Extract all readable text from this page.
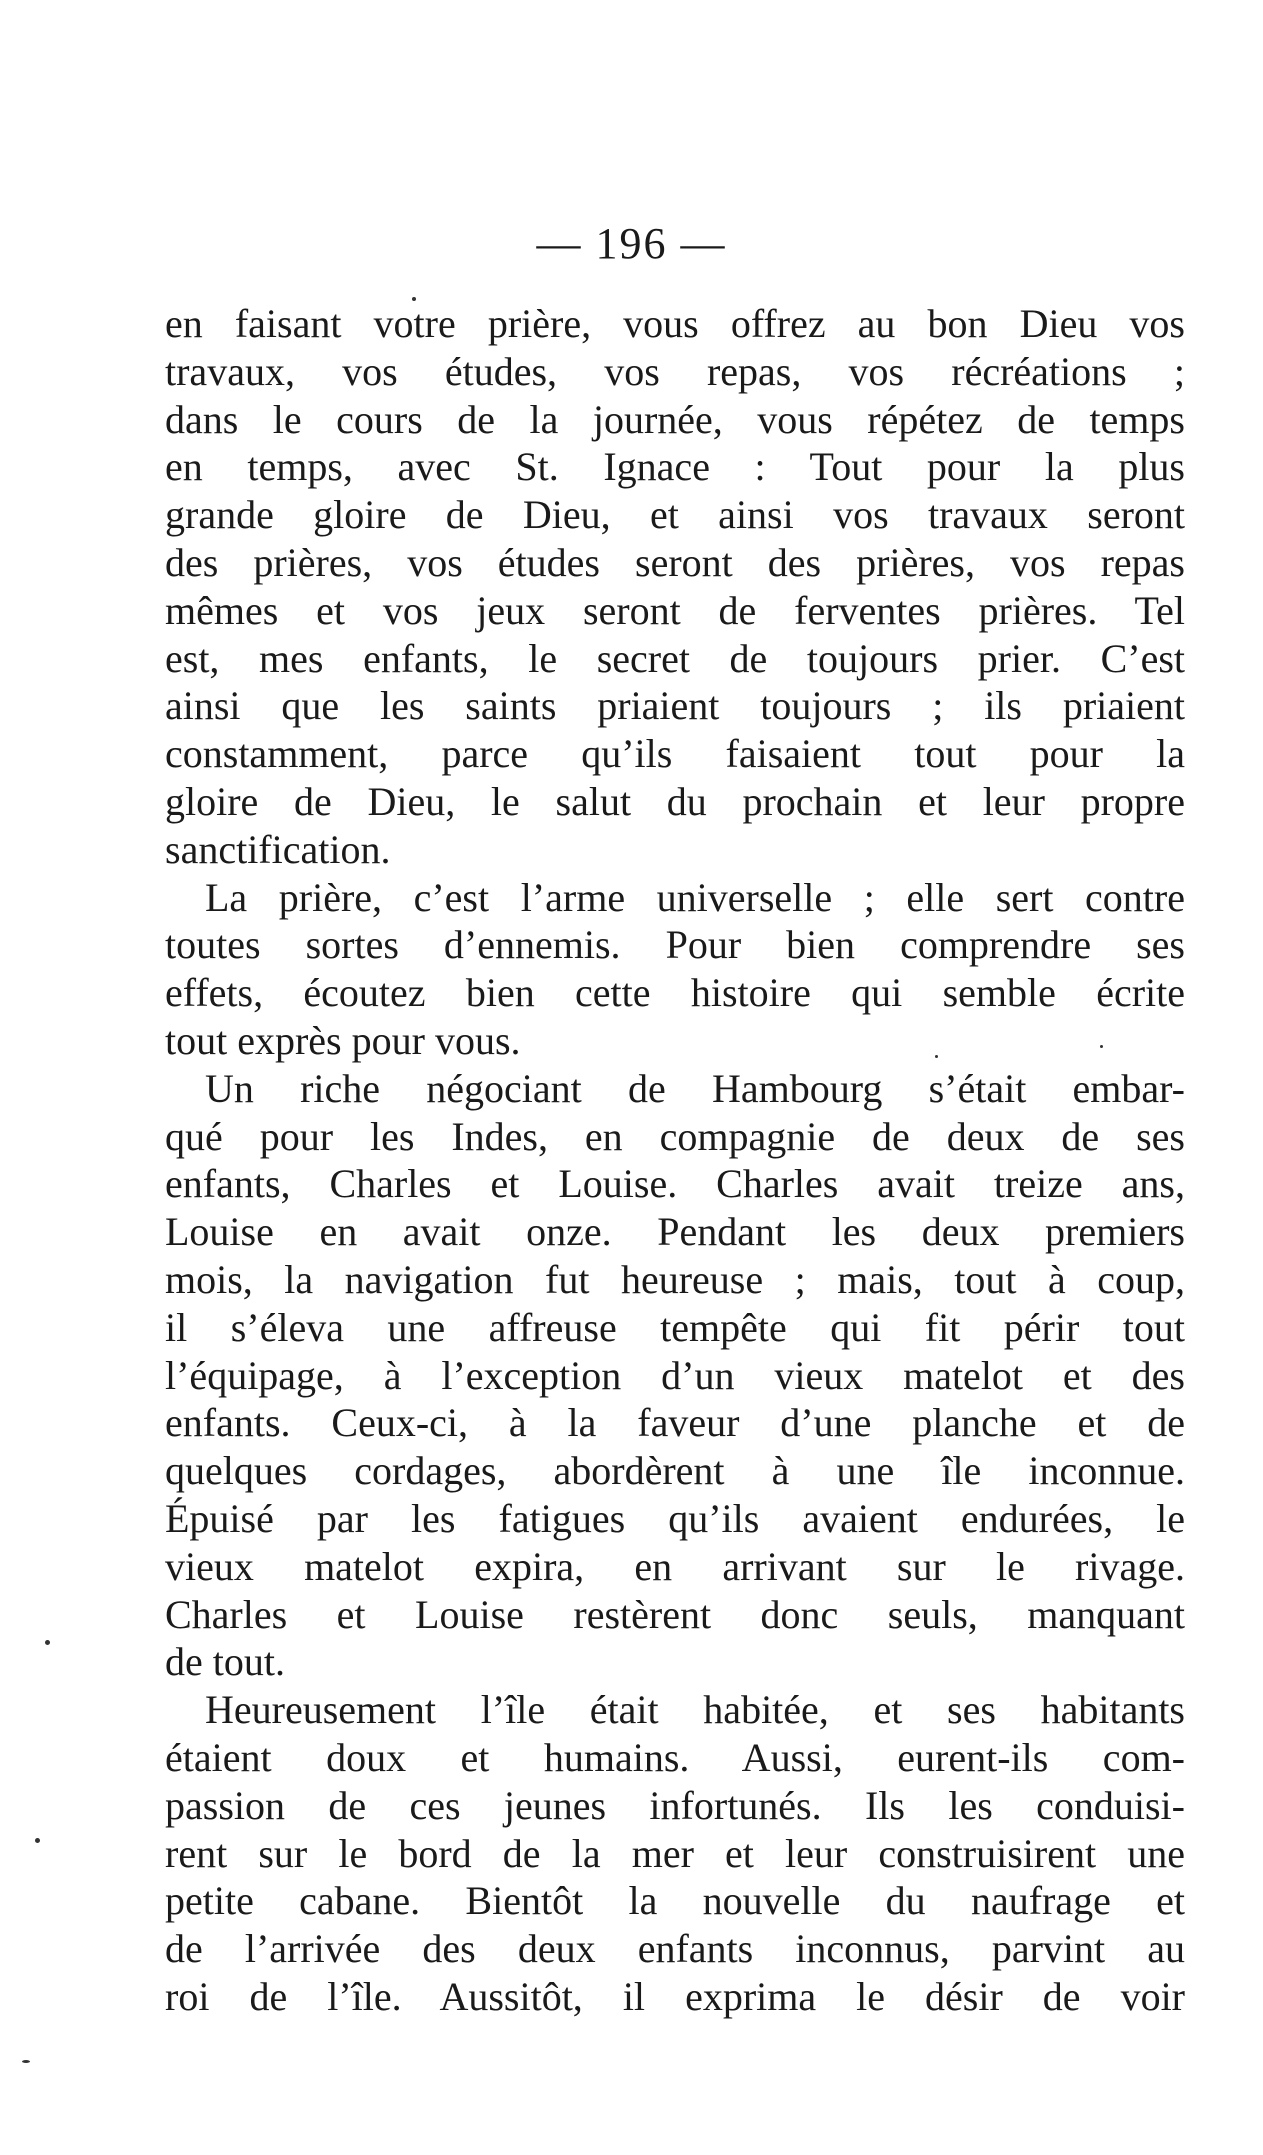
— 196 —
en faisant votre prière, vous offrez au bon Dieu vos
travaux, vos études, vos repas, vos récréations ;
dans le cours de la journée, vous répétez de temps
en temps, avec St. Ignace : Tout pour la plus
grande gloire de Dieu, et ainsi vos travaux seront
des prières, vos études seront des prières, vos repas
mêmes et vos jeux seront de ferventes prières. Tel
est, mes enfants, le secret de toujours prier. C’est
ainsi que les saints priaient toujours ; ils priaient
constamment, parce qu’ils faisaient tout pour la
gloire de Dieu, le salut du prochain et leur propre
sanctification.
La prière, c’est l’arme universelle ; elle sert contre
toutes sortes d’ennemis. Pour bien comprendre ses
effets, écoutez bien cette histoire qui semble écrite
tout exprès pour vous.
Un riche négociant de Hambourg s’était embar-
qué pour les Indes, en compagnie de deux de ses
enfants, Charles et Louise. Charles avait treize ans,
Louise en avait onze. Pendant les deux premiers
mois, la navigation fut heureuse ; mais, tout à coup,
il s’éleva une affreuse tempête qui fit périr tout
l’équipage, à l’exception d’un vieux matelot et des
enfants. Ceux-ci, à la faveur d’une planche et de
quelques cordages, abordèrent à une île inconnue.
Épuisé par les fatigues qu’ils avaient endurées, le
vieux matelot expira, en arrivant sur le rivage.
Charles et Louise restèrent donc seuls, manquant
de tout.
Heureusement l’île était habitée, et ses habitants
étaient doux et humains. Aussi, eurent-ils com-
passion de ces jeunes infortunés. Ils les conduisi-
rent sur le bord de la mer et leur construisirent une
petite cabane. Bientôt la nouvelle du naufrage et
de l’arrivée des deux enfants inconnus, parvint au
roi de l’île. Aussitôt, il exprima le désir de voir
